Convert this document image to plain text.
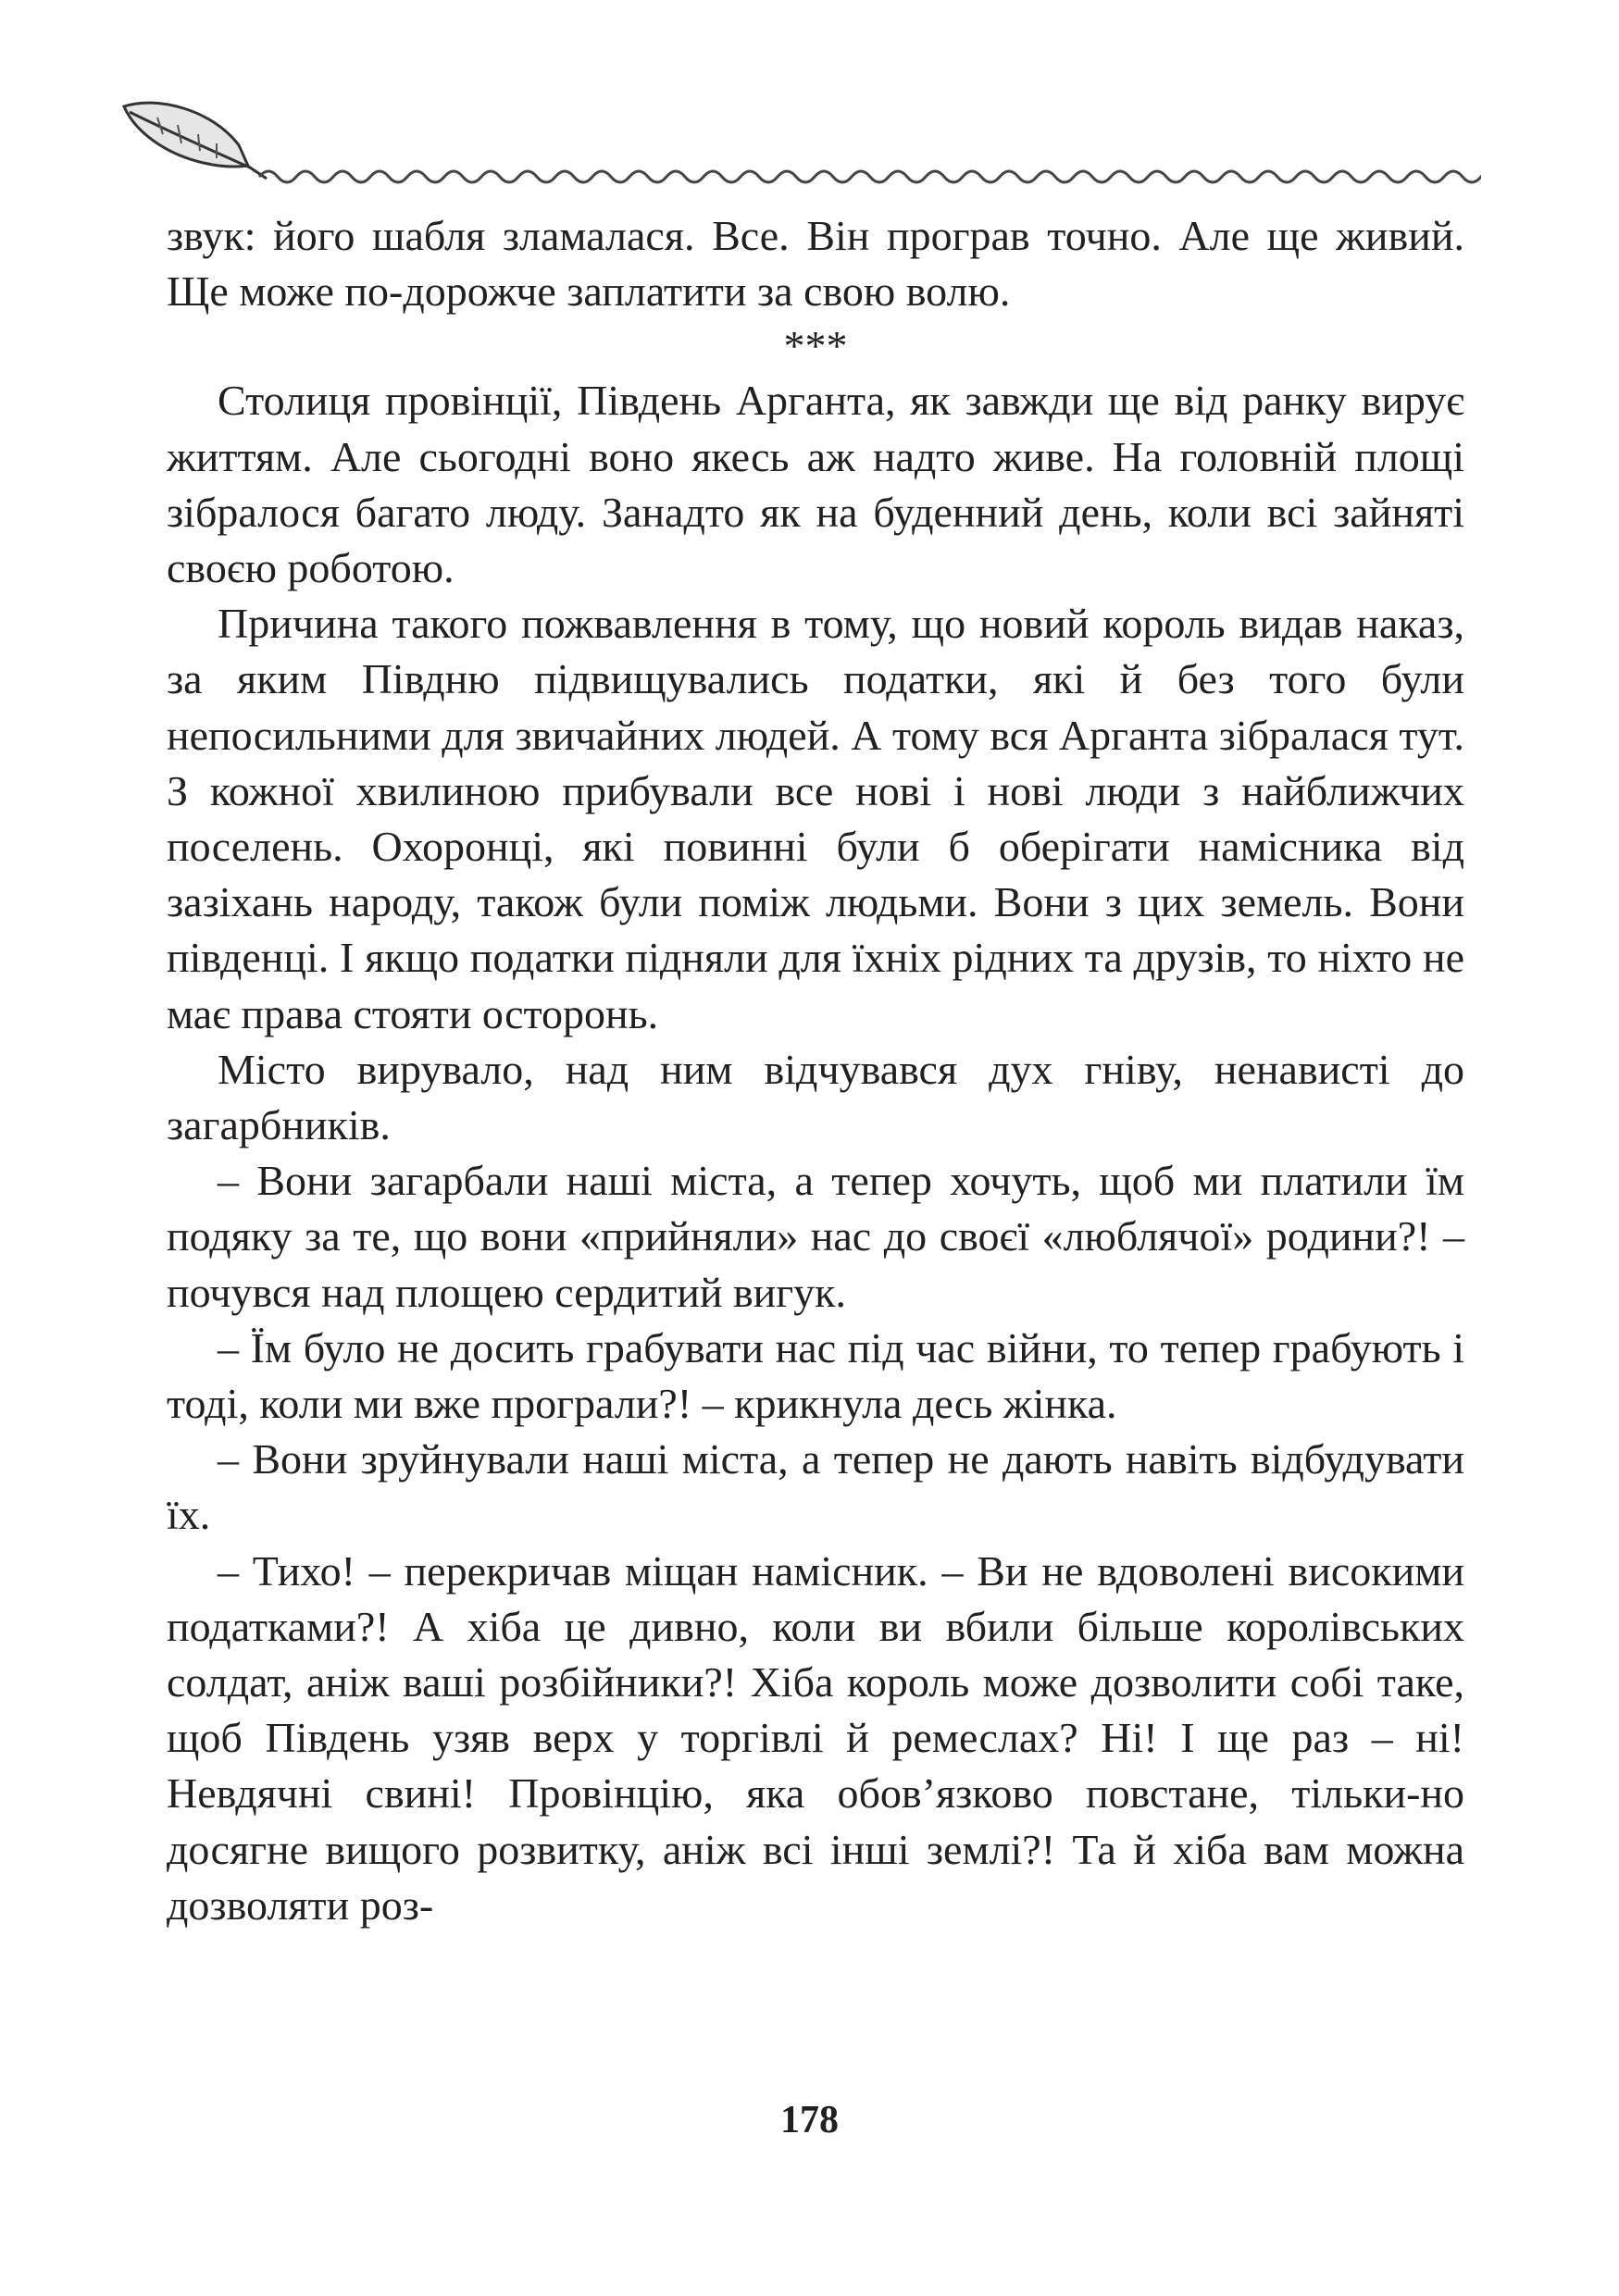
звук: його шабля зламалася. Все. Він програв точно. Але ще живий. Ще може по-дорожче заплатити за свою волю.

***

Столиця провінції, Південь Арганта, як завжди ще від ранку вирує життям. Але сьогодні воно якесь аж надто живе. На головній площі зібралося багато люду. Занадто як на буденний день, коли всі зайняті своєю роботою.

Причина такого пожвавлення в тому, що новий король видав наказ, за яким Півдню підвищувались податки, які й без того були непосильними для звичайних людей. А тому вся Арганта зібралася тут. З кожної хвилиною прибували все нові і нові люди з найближчих поселень. Охоронці, які повинні були б оберігати намісника від зазіхань народу, також були поміж людьми. Вони з цих земель. Вони південці. І якщо податки підняли для їхніх рідних та друзів, то ніхто не має права стояти осторонь.

Місто вирувало, над ним відчувався дух гніву, ненависті до загарбників.

– Вони загарбали наші міста, а тепер хочуть, щоб ми платили їм подяку за те, що вони «прийняли» нас до своєї «люблячої» родини?! – почувся над площею сердитий вигук.

– Їм було не досить грабувати нас під час війни, то тепер грабують і тоді, коли ми вже програли?! – крикнула десь жінка.

– Вони зруйнували наші міста, а тепер не дають навіть відбудувати їх.

– Тихо! – перекричав міщан намісник. – Ви не вдоволені високими податками?! А хіба це дивно, коли ви вбили більше королівських солдат, аніж ваші розбійники?! Хіба король може дозволити собі таке, щоб Південь узяв верх у торгівлі й ремеслах? Ні! І ще раз – ні! Невдячні свині! Провінцію, яка обов’язково повстане, тільки-но досягне вищого розвитку, аніж всі інші землі?! Та й хіба вам можна дозволяти роз-

178
